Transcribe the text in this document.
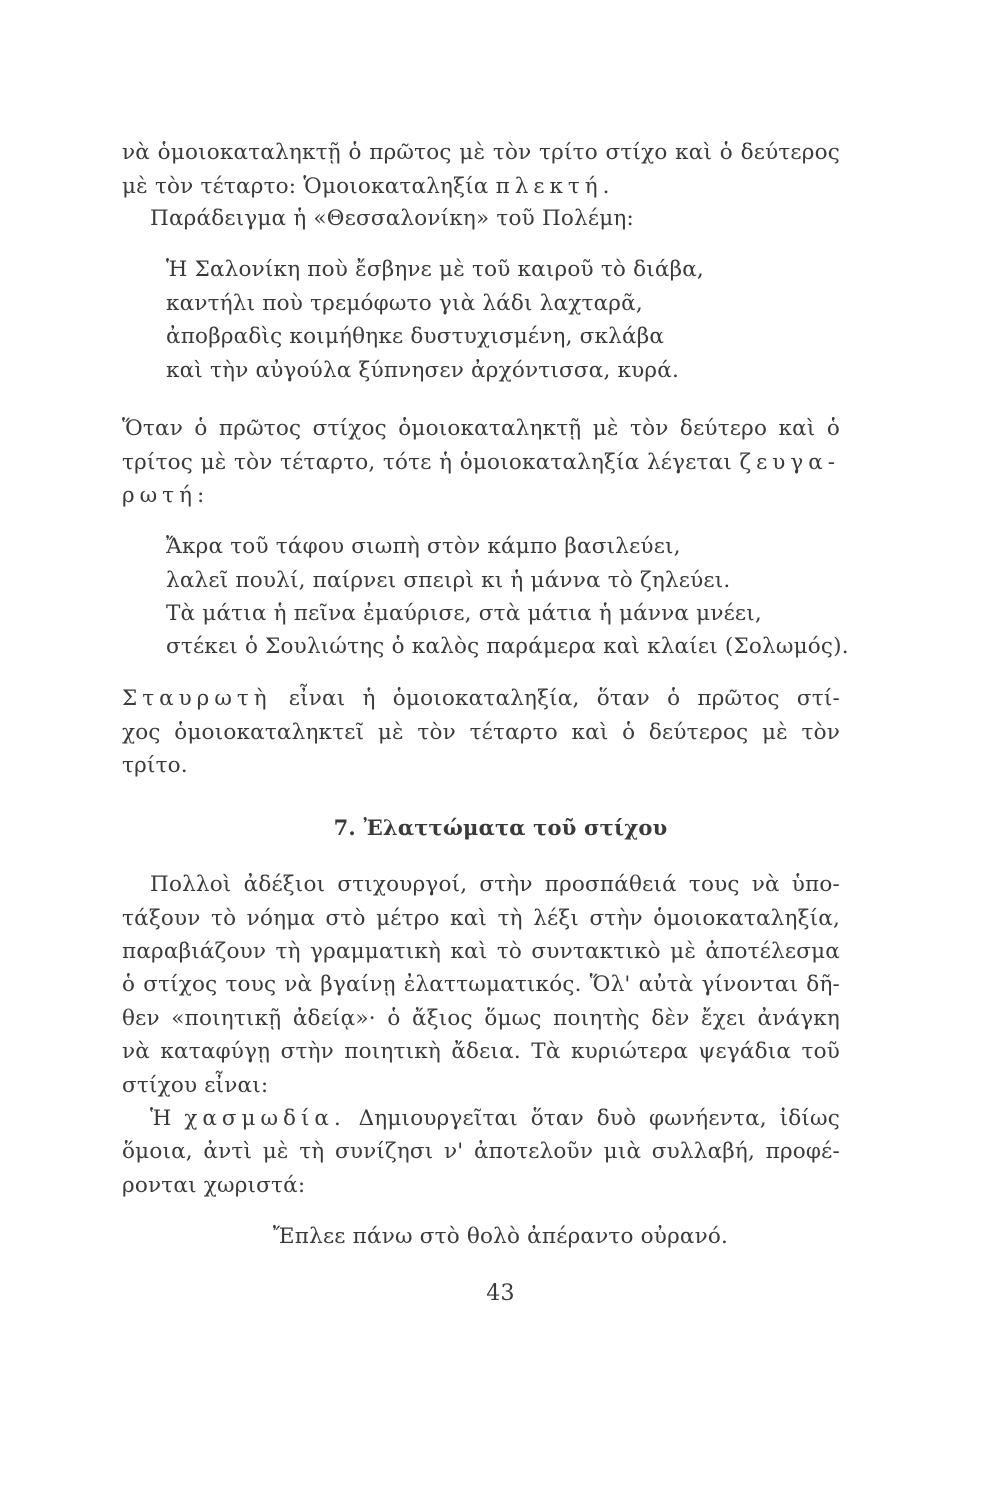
νὰ ὁμοιοκαταληκτῇ ὁ πρῶτος μὲ τὸν τρίτο στίχο καὶ ὁ δεύτερος
μὲ τὸν τέταρτο: Ὁμοιοκαταληξία πλεκτή.
Παράδειγμα ἡ «Θεσσαλονίκη» τοῦ Πολέμη:
Ἡ Σαλονίκη ποὺ ἔσβηνε μὲ τοῦ καιροῦ τὸ διάβα,
καντήλι ποὺ τρεμόφωτο γιὰ λάδι λαχταρᾶ,
ἀποβραδὶς κοιμήθηκε δυστυχισμένη, σκλάβα
καὶ τὴν αὐγούλα ξύπνησεν ἀρχόντισσα, κυρά.
Ὅταν ὁ πρῶτος στίχος ὁμοιοκαταληκτῇ μὲ τὸν δεύτερο καὶ ὁ
τρίτος μὲ τὸν τέταρτο, τότε ἡ ὁμοιοκαταληξία λέγεται ζευγα-
ρωτή:
Ἄκρα τοῦ τάφου σιωπὴ στὸν κάμπο βασιλεύει,
λαλεῖ πουλί, παίρνει σπειρὶ κι ἡ μάννα τὸ ζηλεύει.
Τὰ μάτια ἡ πεῖνα ἐμαύρισε, στὰ μάτια ἡ μάννα μνέει,
στέκει ὁ Σουλιώτης ὁ καλὸς παράμερα καὶ κλαίει (Σολωμός).
Σταυρωτὴ εἶναι ἡ ὁμοιοκαταληξία, ὅταν ὁ πρῶτος στί-
χος ὁμοιοκαταληκτεῖ μὲ τὸν τέταρτο καὶ ὁ δεύτερος μὲ τὸν
τρίτο.
7. Ἐλαττώματα τοῦ στίχου
Πολλοὶ ἀδέξιοι στιχουργοί, στὴν προσπάθειά τους νὰ ὑπο-
τάξουν τὸ νόημα στὸ μέτρο καὶ τὴ λέξι στὴν ὁμοιοκαταληξία,
παραβιάζουν τὴ γραμματικὴ καὶ τὸ συντακτικὸ μὲ ἀποτέλεσμα
ὁ στίχος τους νὰ βγαίνῃ ἐλαττωματικός. Ὅλ' αὐτὰ γίνονται δῆ-
θεν «ποιητικῇ ἀδείᾳ»· ὁ ἄξιος ὅμως ποιητὴς δὲν ἔχει ἀνάγκη
νὰ καταφύγῃ στὴν ποιητικὴ ἄδεια. Τὰ κυριώτερα ψεγάδια τοῦ
στίχου εἶναι:
Ἡ χασμωδία. Δημιουργεῖται ὅταν δυὸ φωνήεντα, ἰδίως
ὅμοια, ἀντὶ μὲ τὴ συνίζησι ν' ἀποτελοῦν μιὰ συλλαβή, προφέ-
ρονται χωριστά:
Ἔπλεε πάνω στὸ θολὸ ἀπέραντο οὐρανό.
43
